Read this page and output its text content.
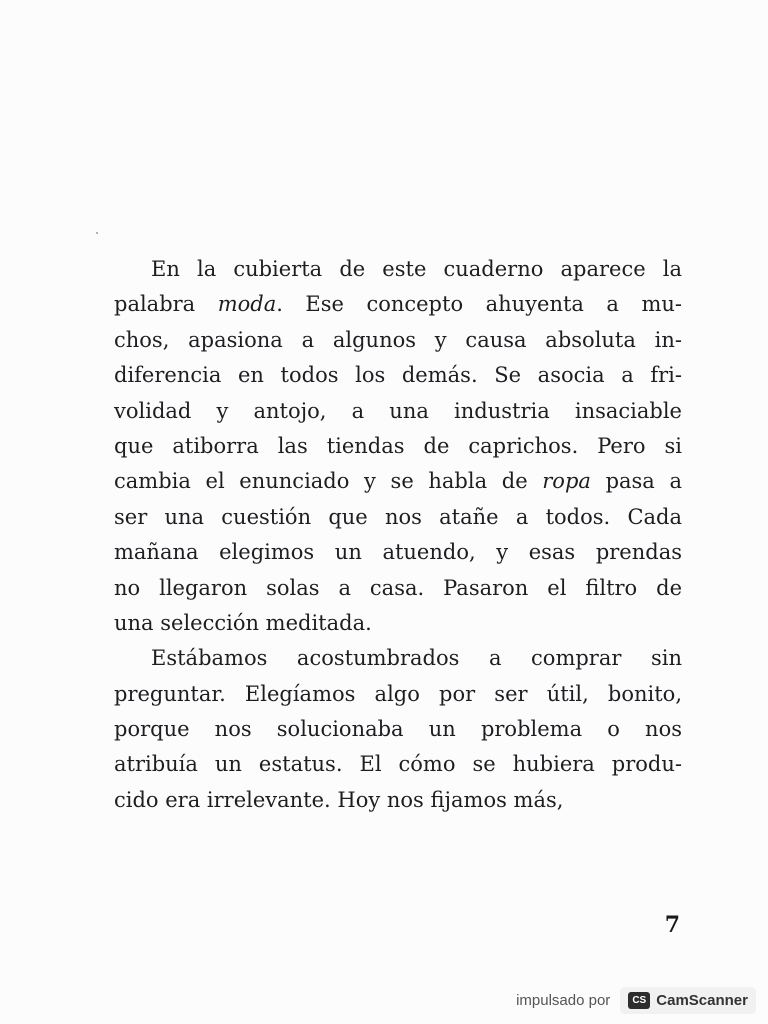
En la cubierta de este cuaderno aparece la
palabra moda. Ese concepto ahuyenta a mu-
chos, apasiona a algunos y causa absoluta in-
diferencia en todos los demás. Se asocia a fri-
volidad y antojo, a una industria insaciable
que atiborra las tiendas de caprichos. Pero si
cambia el enunciado y se habla de ropa pasa a
ser una cuestión que nos atañe a todos. Cada
mañana elegimos un atuendo, y esas prendas
no llegaron solas a casa. Pasaron el filtro de
una selección meditada.
Estábamos acostumbrados a comprar sin
preguntar. Elegíamos algo por ser útil, bonito,
porque nos solucionaba un problema o nos
atribuía un estatus. El cómo se hubiera produ-
cido era irrelevante. Hoy nos fijamos más,
7
impulsado por	CS CamScanner
